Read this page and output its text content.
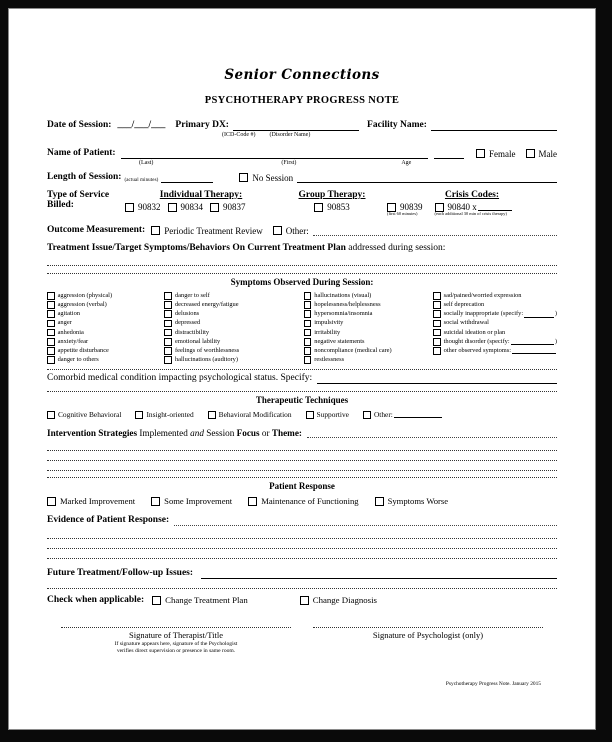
Senior Connections
PSYCHOTHERAPY PROGRESS NOTE
Date of Session: ___/___/___ Primary DX:	Facility Name:
(ICD-Code #) (Disorder Name)
Name of Patient:	Female	Male
(Last)	(First)	Age
Length of Session: (actual minutes)	No Session
Type of Service
Billed:
Individual Therapy:
90832 90834 90837
Group Therapy:
90853
Crisis Codes:
90839
(first 60 minutes)
90840 x
(each additional 30 min of crisis therapy)
Outcome Measurement: Periodic Treatment Review	Other:
Treatment Issue/Target Symptoms/Behaviors On Current Treatment Plan addressed during session:
Symptoms Observed During Session:
aggression (physical)
aggression (verbal)
agitation
anger
anhedonia
anxiety/fear
appetite disturbance
danger to others
danger to self
decreased energy/fatigue
delusions
depressed
distractibility
emotional lability
feelings of worthlessness
hallucinations (auditory)
hallucinations (visual)
hopelessness/helplessness
hypersomnia/insomnia
impulsivity
irritability
negative statements
noncompliance (medical care)
restlessness
sad/pained/worried expression
self deprecation
socially inappropriate (specify:	)
social withdrawal
suicidal ideation or plan
thought disorder (specify:	)
other observed symptoms:
Comorbid medical condition impacting psychological status. Specify:
Therapeutic Techniques
Cognitive Behavioral	Insight-oriented	Behavioral Modification	Supportive	Other:
Intervention Strategies Implemented and Session Focus or Theme:
Patient Response
Marked Improvement	Some Improvement	Maintenance of Functioning	Symptoms Worse
Evidence of Patient Response:
Future Treatment/Follow-up Issues:
Check when applicable: Change Treatment Plan	Change Diagnosis
Signature of Therapist/Title
If signature appears here, signature of the Psychologist
verifies direct supervision or presence in same room.
Signature of Psychologist (only)
Psychotherapy Progress Note. January 2015
